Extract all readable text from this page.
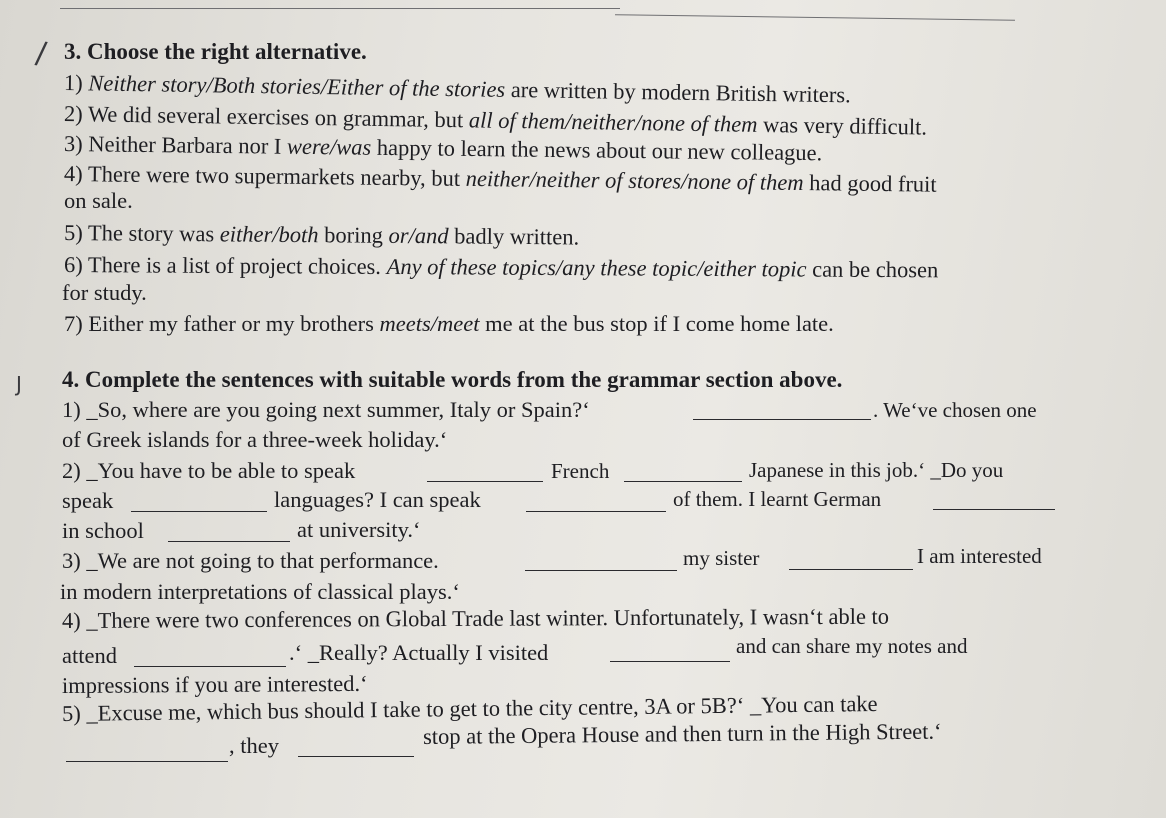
/
J
3. Choose the right alternative.
1) Neither story/Both stories/Either of the stories are written by modern British writers.
2) We did several exercises on grammar, but all of them/neither/none of them was very difficult.
3) Neither Barbara nor I were/was happy to learn the news about our new colleague.
4) There were two supermarkets nearby, but neither/neither of stores/none of them had good fruit
on sale.
5) The story was either/both boring or/and badly written.
6) There is a list of project choices. Any of these topics/any these topic/either topic can be chosen
for study.
7) Either my father or my brothers meets/meet me at the bus stop if I come home late.
4. Complete the sentences with suitable words from the grammar section above.
1) _So, where are you going next summer, Italy or Spain?‘	. We‘ve chosen one
of Greek islands for a three-week holiday.‘
2) _You have to be able to speak	French	Japanese in this job.‘ _Do you
speak	languages? I can speak	of them. I learnt German
in school	at university.‘
3) _We are not going to that performance.	my sister	I am interested
in modern interpretations of classical plays.‘
4) _There were two conferences on Global Trade last winter. Unfortunately, I wasn‘t able to
attend	.‘ _Really? Actually I visited	and can share my notes and
impressions if you are interested.‘
5) _Excuse me, which bus should I take to get to the city centre, 3A or 5B?‘ _You can take
, they	stop at the Opera House and then turn in the High Street.‘
